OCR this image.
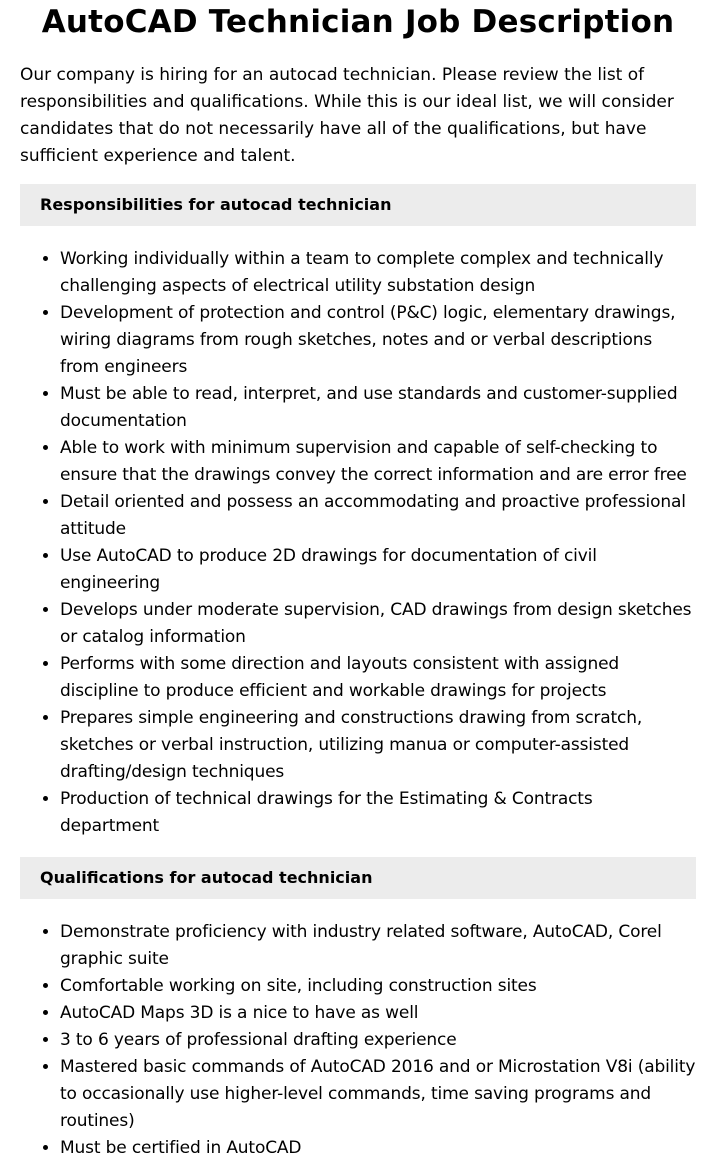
AutoCAD Technician Job Description

Our company is hiring for an autocad technician. Please review the list of responsibilities and qualifications. While this is our ideal list, we will consider candidates that do not necessarily have all of the qualifications, but have sufficient experience and talent.

Responsibilities for autocad technician
• Working individually within a team to complete complex and technically challenging aspects of electrical utility substation design
• Development of protection and control (P&C) logic, elementary drawings, wiring diagrams from rough sketches, notes and or verbal descriptions from engineers
• Must be able to read, interpret, and use standards and customer-supplied documentation
• Able to work with minimum supervision and capable of self-checking to ensure that the drawings convey the correct information and are error free
• Detail oriented and possess an accommodating and proactive professional attitude
• Use AutoCAD to produce 2D drawings for documentation of civil engineering
• Develops under moderate supervision, CAD drawings from design sketches or catalog information
• Performs with some direction and layouts consistent with assigned discipline to produce efficient and workable drawings for projects
• Prepares simple engineering and constructions drawing from scratch, sketches or verbal instruction, utilizing manua or computer-assisted drafting/design techniques
• Production of technical drawings for the Estimating & Contracts department
Qualifications for autocad technician
• Demonstrate proficiency with industry related software, AutoCAD, Corel graphic suite
• Comfortable working on site, including construction sites
• AutoCAD Maps 3D is a nice to have as well
• 3 to 6 years of professional drafting experience
• Mastered basic commands of AutoCAD 2016 and or Microstation V8i (ability to occasionally use higher-level commands, time saving programs and routines)
• Must be certified in AutoCAD
